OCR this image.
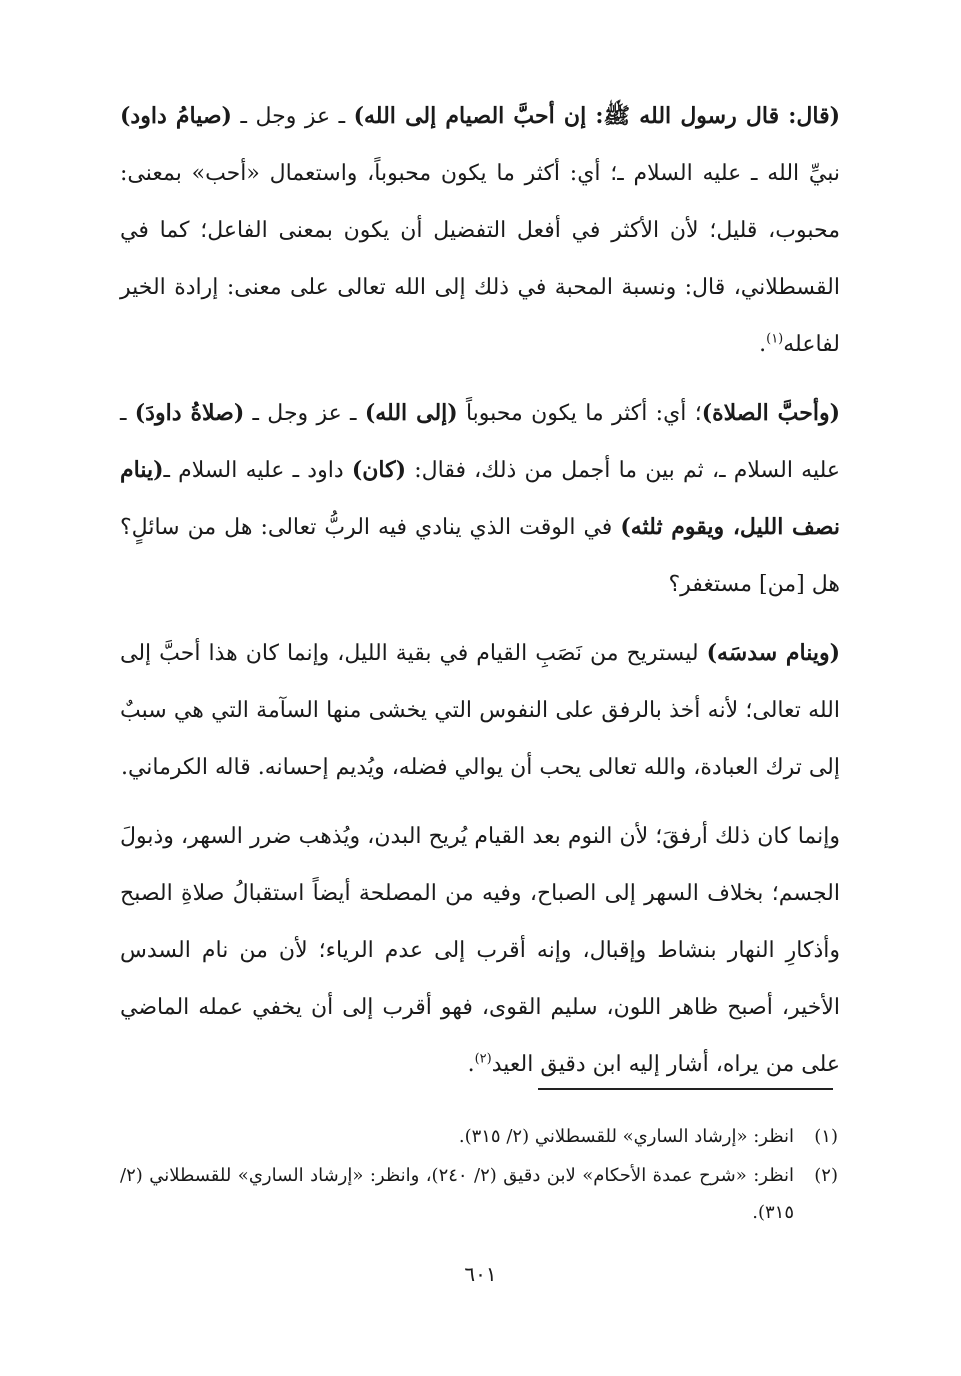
(قال: قال رسول الله ﷺ: إن أحبَّ الصيام إلى الله) ـ عز وجل ـ (صيامُ داود) نبيِّ الله ـ عليه السلام ـ؛ أي: أكثر ما يكون محبوباً، واستعمال «أحب» بمعنى: محبوب، قليل؛ لأن الأكثر في أفعل التفضيل أن يكون بمعنى الفاعل؛ كما في القسطلاني، قال: ونسبة المحبة في ذلك إلى الله تعالى على معنى: إرادة الخير لفاعله$^{(١)}$.

(وأحبَّ الصلاة)؛ أي: أكثر ما يكون محبوباً (إلى الله) ـ عز وجل ـ (صلاةُ داودَ) ـ عليه السلام ـ، ثم بين ما أجمل من ذلك، فقال: (كان) داود ـ عليه السلام ـ(ينام نصف الليل، ويقوم ثلثه) في الوقت الذي ينادي فيه الربُّ تعالى: هل من سائلٍ؟ هل [من] مستغفر؟

(وينام سدسَه) ليستريح من نَصَبِ القيام في بقية الليل، وإنما كان هذا أحبَّ إلى الله تعالى؛ لأنه أخذ بالرفق على النفوس التي يخشى منها السآمة التي هي سببٌ إلى ترك العبادة، والله تعالى يحب أن يوالي فضله، ويُديم إحسانه. قاله الكرماني.

وإنما كان ذلك أرفقَ؛ لأن النوم بعد القيام يُريح البدن، ويُذهب ضرر السهر، وذبولَ الجسم؛ بخلاف السهر إلى الصباح، وفيه من المصلحة أيضاً استقبالُ صلاةِ الصبح وأذكارِ النهار بنشاط وإقبال، وإنه أقرب إلى عدم الرياء؛ لأن من نام السدس الأخير، أصبح ظاهر اللون، سليم القوى، فهو أقرب إلى أن يخفي عمله الماضي على من يراه، أشار إليه ابن دقيق العيد$^{(٢)}$.

(١)
انظر: «إرشاد الساري» للقسطلاني (٢/ ٣١٥).
(٢)
انظر: «شرح عمدة الأحكام» لابن دقيق (٢/ ٢٤٠)، وانظر: «إرشاد الساري» للقسطلاني (٢/ ٣١٥).
٦٠١
